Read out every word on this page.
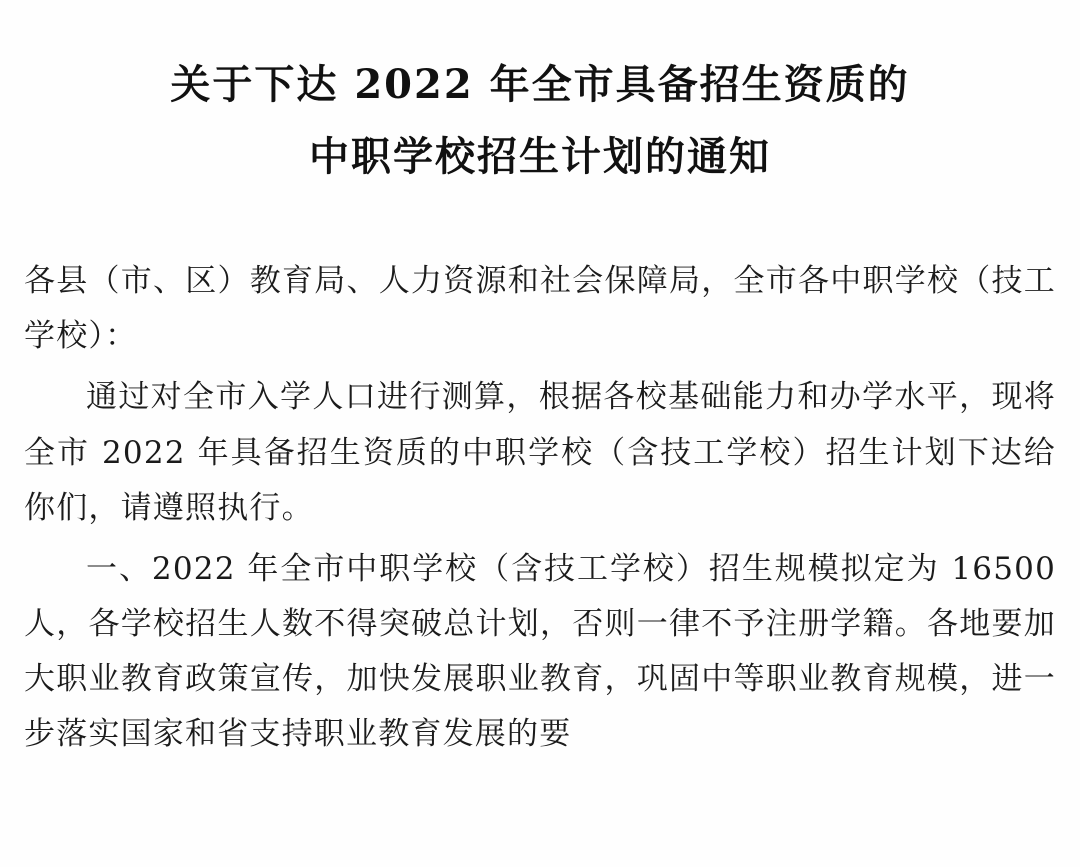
关于下达 2022 年全市具备招生资质的
中职学校招生计划的通知

各县（市、区）教育局、人力资源和社会保障局，全市各中职学校（技工学校）：

通过对全市入学人口进行测算，根据各校基础能力和办学水平，现将全市 2022 年具备招生资质的中职学校（含技工学校）招生计划下达给你们，请遵照执行。

一、2022 年全市中职学校（含技工学校）招生规模拟定为 16500 人，各学校招生人数不得突破总计划，否则一律不予注册学籍。各地要加大职业教育政策宣传，加快发展职业教育，巩固中等职业教育规模，进一步落实国家和省支持职业教育发展的要
